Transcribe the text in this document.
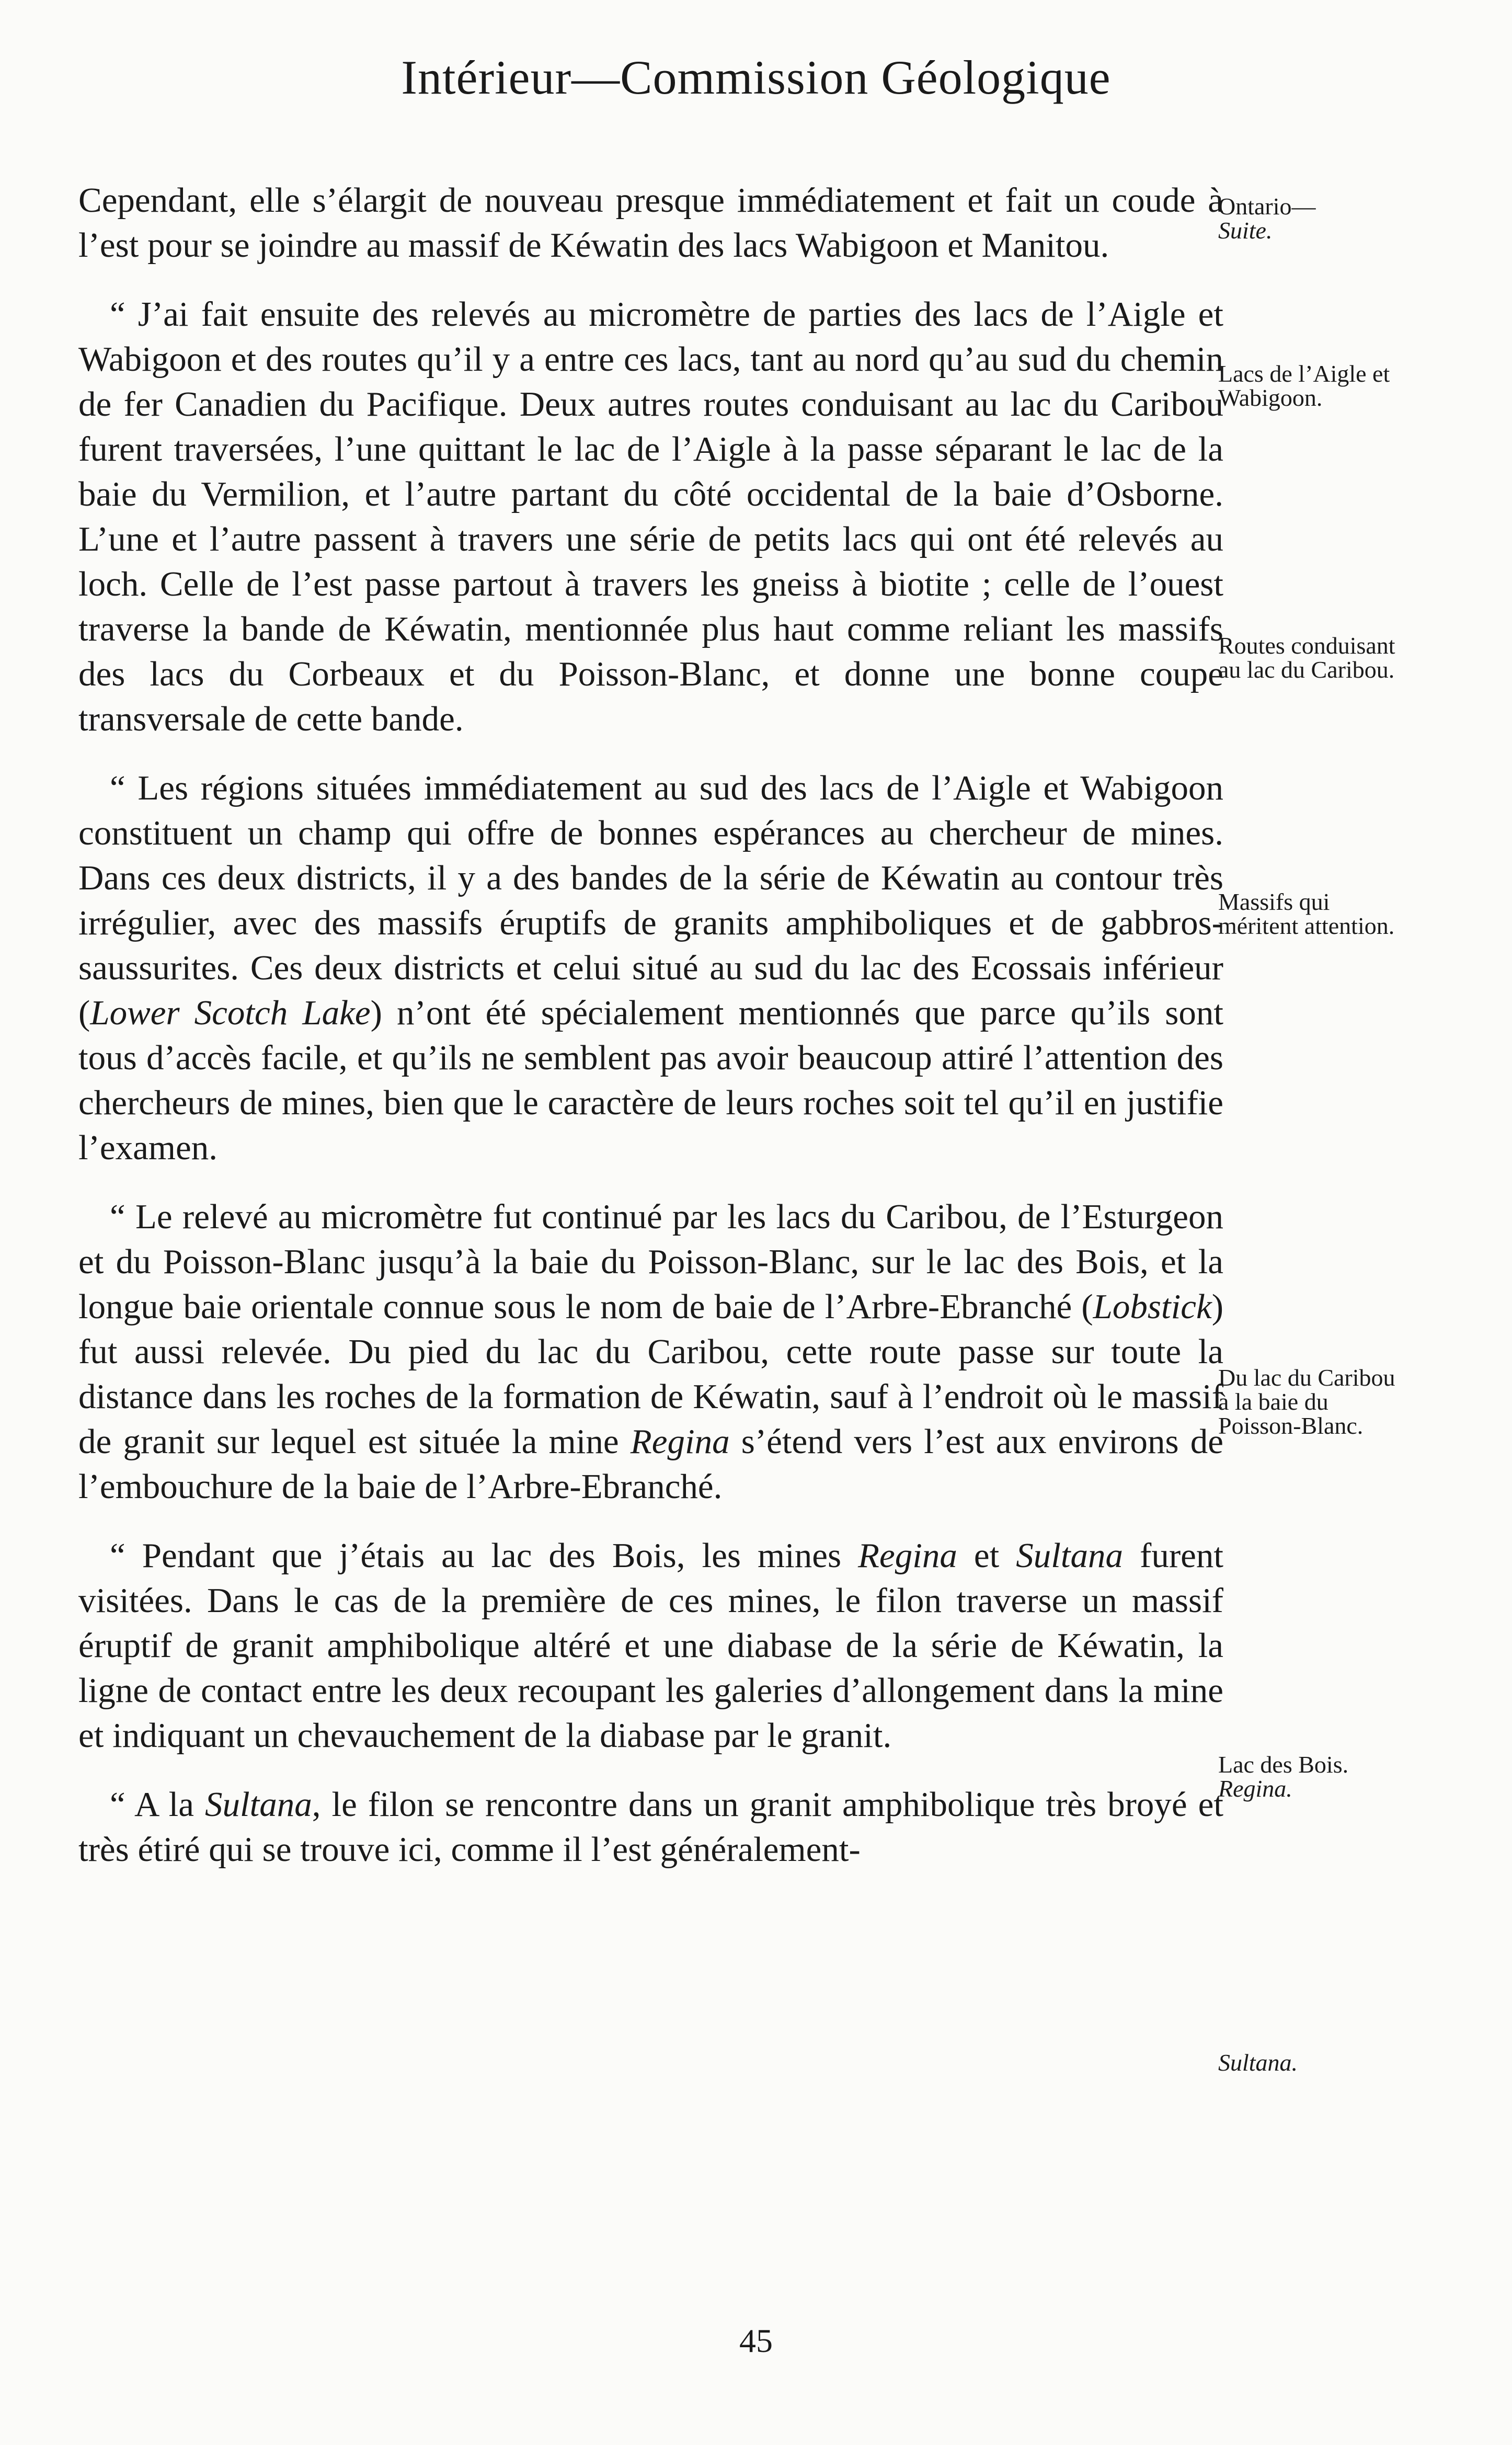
Intérieur—Commission Géologique

Cependant, elle s’élargit de nouveau presque immédiatement et fait un coude à l’est pour se joindre au massif de Kéwatin des lacs Wabigoon et Manitou.

“ J’ai fait ensuite des relevés au micromètre de parties des lacs de l’Aigle et Wabigoon et des routes qu’il y a entre ces lacs, tant au nord qu’au sud du chemin de fer Canadien du Pacifique. Deux autres routes conduisant au lac du Caribou furent traversées, l’une quittant le lac de l’Aigle à la passe séparant le lac de la baie du Vermilion, et l’autre partant du côté occidental de la baie d’Osborne. L’une et l’autre passent à travers une série de petits lacs qui ont été relevés au loch. Celle de l’est passe partout à travers les gneiss à biotite ; celle de l’ouest traverse la bande de Kéwatin, mentionnée plus haut comme reliant les massifs des lacs du Corbeaux et du Poisson-Blanc, et donne une bonne coupe transversale de cette bande.

“ Les régions situées immédiatement au sud des lacs de l’Aigle et Wabigoon constituent un champ qui offre de bonnes espérances au chercheur de mines. Dans ces deux districts, il y a des bandes de la série de Kéwatin au contour très irrégulier, avec des massifs éruptifs de granits amphiboliques et de gabbros-saussurites. Ces deux districts et celui situé au sud du lac des Ecossais inférieur (Lower Scotch Lake) n’ont été spécialement mentionnés que parce qu’ils sont tous d’accès facile, et qu’ils ne semblent pas avoir beaucoup attiré l’attention des chercheurs de mines, bien que le caractère de leurs roches soit tel qu’il en justifie l’examen.

“ Le relevé au micromètre fut continué par les lacs du Caribou, de l’Esturgeon et du Poisson-Blanc jusqu’à la baie du Poisson-Blanc, sur le lac des Bois, et la longue baie orientale connue sous le nom de baie de l’Arbre-Ebranché (Lobstick) fut aussi relevée. Du pied du lac du Caribou, cette route passe sur toute la distance dans les roches de la formation de Kéwatin, sauf à l’endroit où le massif de granit sur lequel est située la mine Regina s’étend vers l’est aux environs de l’embouchure de la baie de l’Arbre-Ebranché.

“ Pendant que j’étais au lac des Bois, les mines Regina et Sultana furent visitées. Dans le cas de la première de ces mines, le filon traverse un massif éruptif de granit amphibolique altéré et une diabase de la série de Kéwatin, la ligne de contact entre les deux recoupant les galeries d’allongement dans la mine et indiquant un chevauchement de la diabase par le granit.

“ A la Sultana, le filon se rencontre dans un granit amphibolique très broyé et très étiré qui se trouve ici, comme il l’est généralement-

Ontario—
Suite.
Lacs de l’Aigle et Wabigoon.
Routes conduisant au lac du Caribou.
Massifs qui méritent attention.
Du lac du Caribou à la baie du Poisson-Blanc.
Lac des Bois.
Regina.
Sultana.
45
